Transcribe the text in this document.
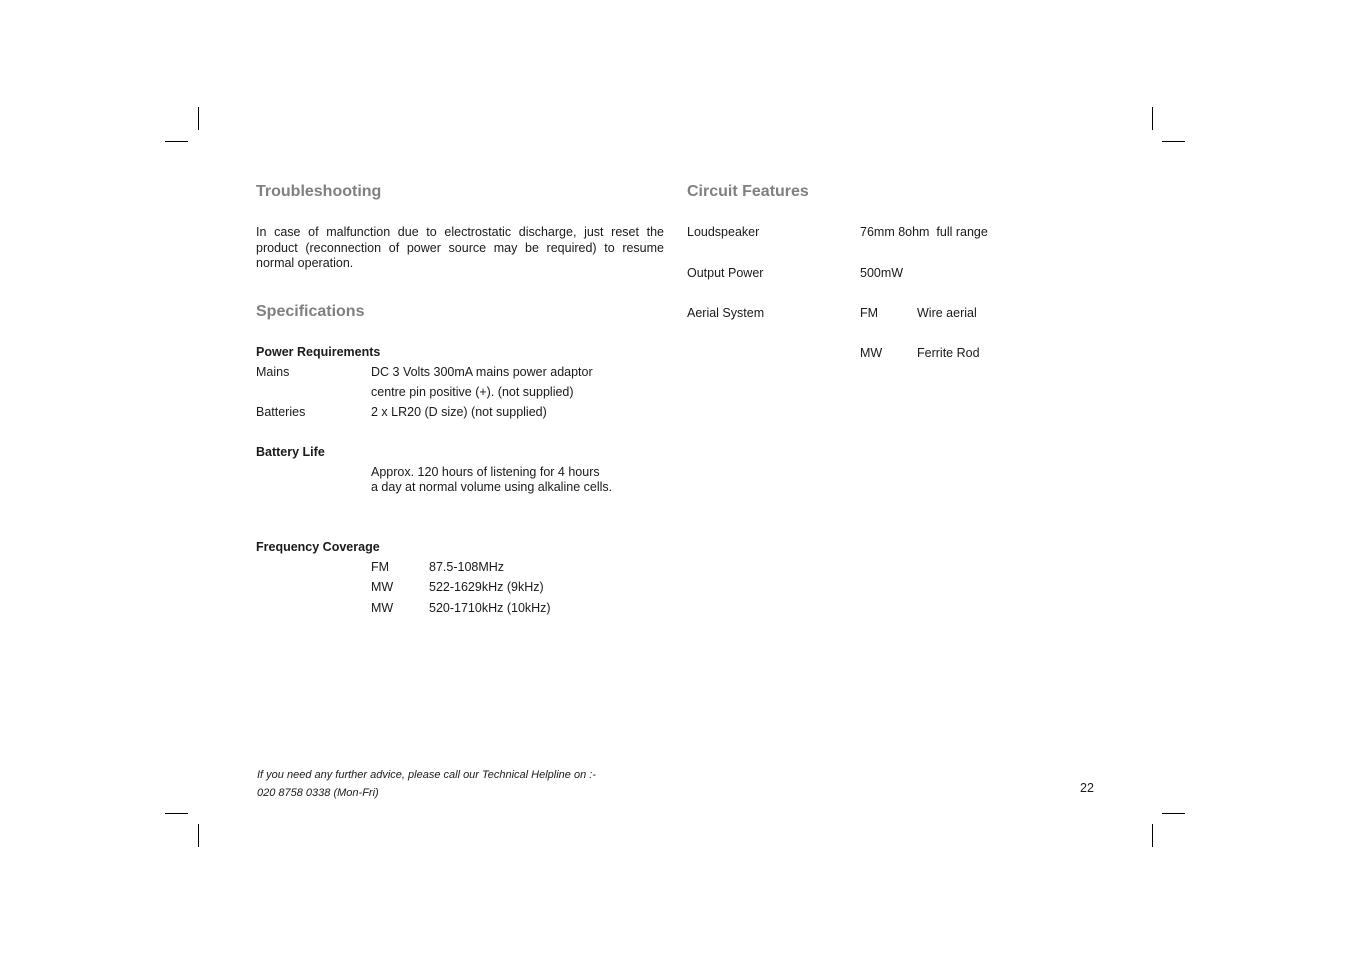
Troubleshooting
In case of malfunction due to electrostatic discharge, just reset the product (reconnection of power source may be required) to resume normal operation.
Specifications
Power Requirements
Mains	DC 3 Volts 300mA mains power adaptor
centre pin positive (+). (not supplied)
Batteries	2 x LR20 (D size) (not supplied)
Battery Life
Approx. 120 hours of listening for 4 hours
a day at normal volume using alkaline cells.
Frequency Coverage
FM	87.5-108MHz
MW	522-1629kHz (9kHz)
MW	520-1710kHz (10kHz)
Circuit Features
Loudspeaker	76mm 8ohm  full range
Output Power	500mW
Aerial System	FM	Wire aerial
MW	Ferrite Rod
If you need any further advice, please call our Technical Helpline on :-
020 8758 0338 (Mon-Fri)	22
